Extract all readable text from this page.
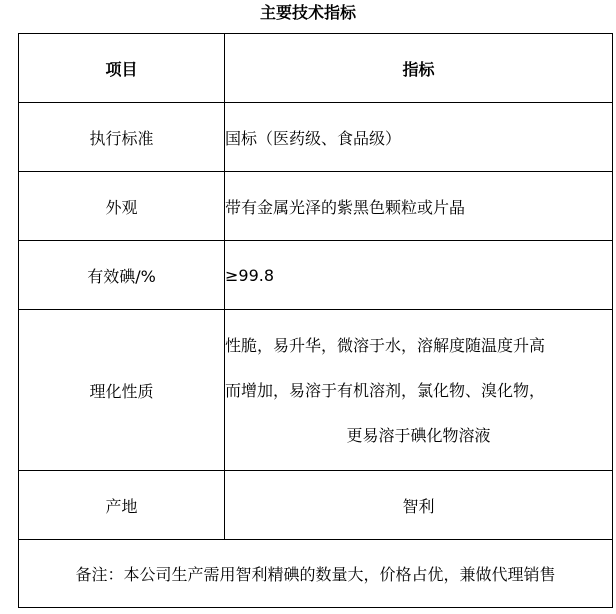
主要技术指标
项目	指标
执行标准	国标（医药级、食品级）
外观	带有金属光泽的紫黑色颗粒或片晶
有效碘/%	≥99.8
理化性质	性脆，易升华，微溶于水，溶解度随温度升高
而增加，易溶于有机溶剂，氯化物、溴化物，
更易溶于碘化物溶液

产地	智利
备注：本公司生产需用智利精碘的数量大，价格占优，兼做代理销售	
